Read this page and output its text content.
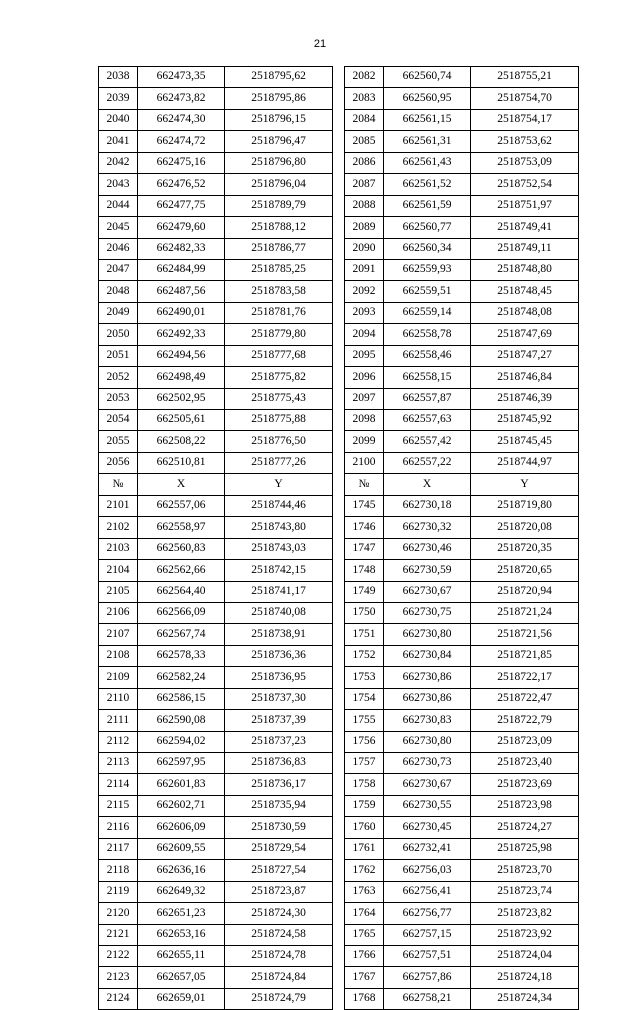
21
2038	662473,35	2518795,62		2082	662560,74	2518755,21
2039	662473,82	2518795,86		2083	662560,95	2518754,70
2040	662474,30	2518796,15		2084	662561,15	2518754,17
2041	662474,72	2518796,47		2085	662561,31	2518753,62
2042	662475,16	2518796,80		2086	662561,43	2518753,09
2043	662476,52	2518796,04		2087	662561,52	2518752,54
2044	662477,75	2518789,79		2088	662561,59	2518751,97
2045	662479,60	2518788,12		2089	662560,77	2518749,41
2046	662482,33	2518786,77		2090	662560,34	2518749,11
2047	662484,99	2518785,25		2091	662559,93	2518748,80
2048	662487,56	2518783,58		2092	662559,51	2518748,45
2049	662490,01	2518781,76		2093	662559,14	2518748,08
2050	662492,33	2518779,80		2094	662558,78	2518747,69
2051	662494,56	2518777,68		2095	662558,46	2518747,27
2052	662498,49	2518775,82		2096	662558,15	2518746,84
2053	662502,95	2518775,43		2097	662557,87	2518746,39
2054	662505,61	2518775,88		2098	662557,63	2518745,92
2055	662508,22	2518776,50		2099	662557,42	2518745,45
2056	662510,81	2518777,26		2100	662557,22	2518744,97
№	X	Y		№	X	Y
2101	662557,06	2518744,46		1745	662730,18	2518719,80
2102	662558,97	2518743,80		1746	662730,32	2518720,08
2103	662560,83	2518743,03		1747	662730,46	2518720,35
2104	662562,66	2518742,15		1748	662730,59	2518720,65
2105	662564,40	2518741,17		1749	662730,67	2518720,94
2106	662566,09	2518740,08		1750	662730,75	2518721,24
2107	662567,74	2518738,91		1751	662730,80	2518721,56
2108	662578,33	2518736,36		1752	662730,84	2518721,85
2109	662582,24	2518736,95		1753	662730,86	2518722,17
2110	662586,15	2518737,30		1754	662730,86	2518722,47
2111	662590,08	2518737,39		1755	662730,83	2518722,79
2112	662594,02	2518737,23		1756	662730,80	2518723,09
2113	662597,95	2518736,83		1757	662730,73	2518723,40
2114	662601,83	2518736,17		1758	662730,67	2518723,69
2115	662602,71	2518735,94		1759	662730,55	2518723,98
2116	662606,09	2518730,59		1760	662730,45	2518724,27
2117	662609,55	2518729,54		1761	662732,41	2518725,98
2118	662636,16	2518727,54		1762	662756,03	2518723,70
2119	662649,32	2518723,87		1763	662756,41	2518723,74
2120	662651,23	2518724,30		1764	662756,77	2518723,82
2121	662653,16	2518724,58		1765	662757,15	2518723,92
2122	662655,11	2518724,78		1766	662757,51	2518724,04
2123	662657,05	2518724,84		1767	662757,86	2518724,18
2124	662659,01	2518724,79		1768	662758,21	2518724,34
